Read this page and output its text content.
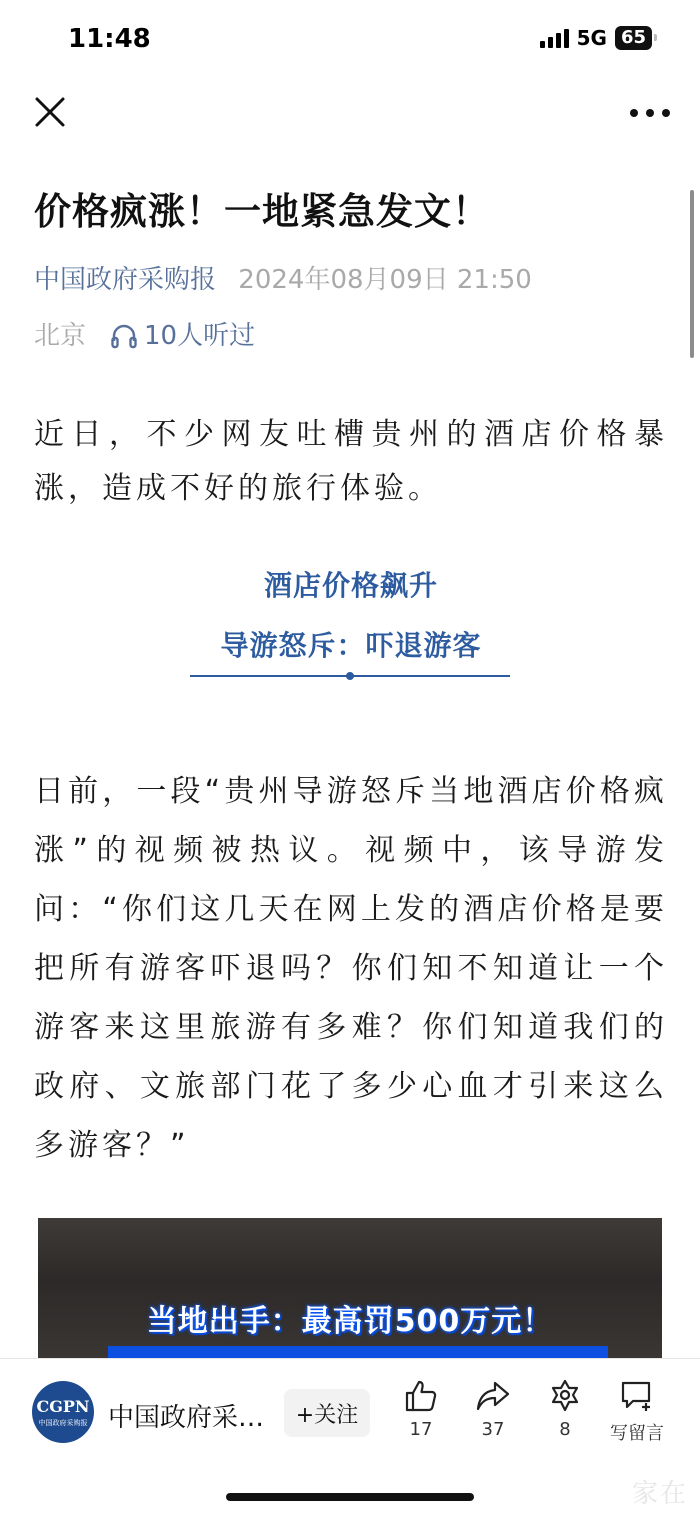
11:48	5G 65
价格疯涨！一地紧急发文！
中国政府采购报 2024年08月09日 21:50
北京 10人听过

近日，不少网友吐槽贵州的酒店价格暴涨，造成不好的旅行体验。

酒店价格飙升
导游怒斥：吓退游客

日前，一段“贵州导游怒斥当地酒店价格疯涨”的视频被热议。视频中，该导游发问：“你们这几天在网上发的酒店价格是要把所有游客吓退吗？你们知不知道让一个游客来这里旅游有多难？你们知道我们的政府、文旅部门花了多少心血才引来这么多游客？”

当地出手：最高罚500万元！
CGPN
中国政府采购报 中国政府采…	+关注
17	37	8	写留言
家在
